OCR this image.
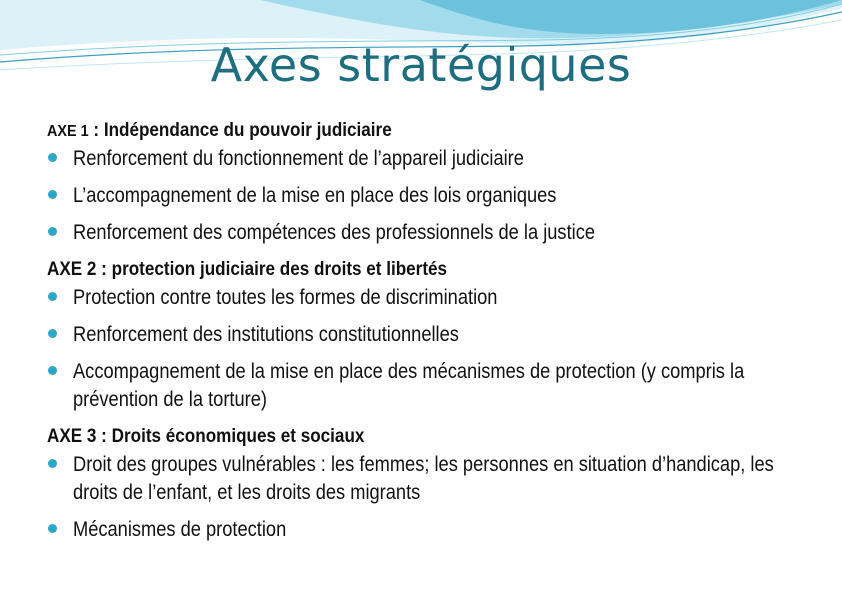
Axes stratégiques
AXE 1 : Indépendance du pouvoir judiciaire
Renforcement du fonctionnement de l’appareil judiciaire
L’accompagnement de la mise en place des lois organiques
Renforcement des compétences des professionnels de la justice
AXE 2 : protection judiciaire des droits et libertés
Protection contre toutes les formes de discrimination
Renforcement des institutions constitutionnelles
Accompagnement de la mise en place des mécanismes de protection (y compris la prévention de la torture)
AXE 3 : Droits économiques et sociaux
Droit des groupes vulnérables : les femmes; les personnes en situation d’handicap, les droits de l’enfant, et les droits des migrants
Mécanismes de protection
